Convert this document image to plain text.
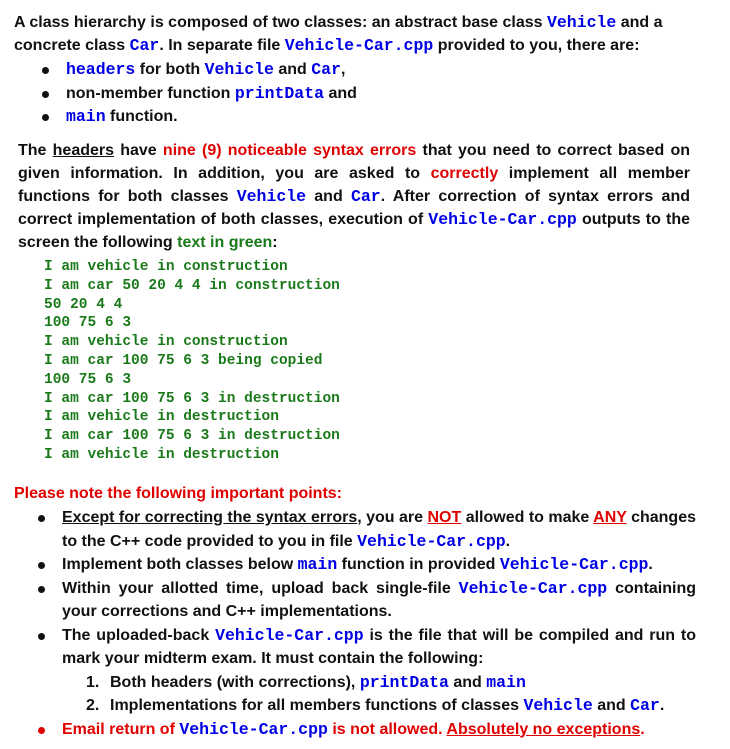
A class hierarchy is composed of two classes: an abstract base class Vehicle and a concrete class Car. In separate file Vehicle-Car.cpp provided to you, there are:
headers for both Vehicle and Car,
non-member function printData and
main function.
The headers have nine (9) noticeable syntax errors that you need to correct based on given information. In addition, you are asked to correctly implement all member functions for both classes Vehicle and Car. After correction of syntax errors and correct implementation of both classes, execution of Vehicle-Car.cpp outputs to the screen the following text in green:
I am vehicle in construction
I am car 50 20 4 4 in construction
50 20 4 4
100 75 6 3
I am vehicle in construction
I am car 100 75 6 3 being copied
100 75 6 3
I am car 100 75 6 3 in destruction
I am vehicle in destruction
I am car 100 75 6 3 in destruction
I am vehicle in destruction
Please note the following important points:
Except for correcting the syntax errors, you are NOT allowed to make ANY changes to the C++ code provided to you in file Vehicle-Car.cpp.
Implement both classes below main function in provided Vehicle-Car.cpp.
Within your allotted time, upload back single-file Vehicle-Car.cpp containing your corrections and C++ implementations.
The uploaded-back Vehicle-Car.cpp is the file that will be compiled and run to mark your midterm exam. It must contain the following:
1. Both headers (with corrections), printData and main
2. Implementations for all members functions of classes Vehicle and Car.
Email return of Vehicle-Car.cpp is not allowed. Absolutely no exceptions.
